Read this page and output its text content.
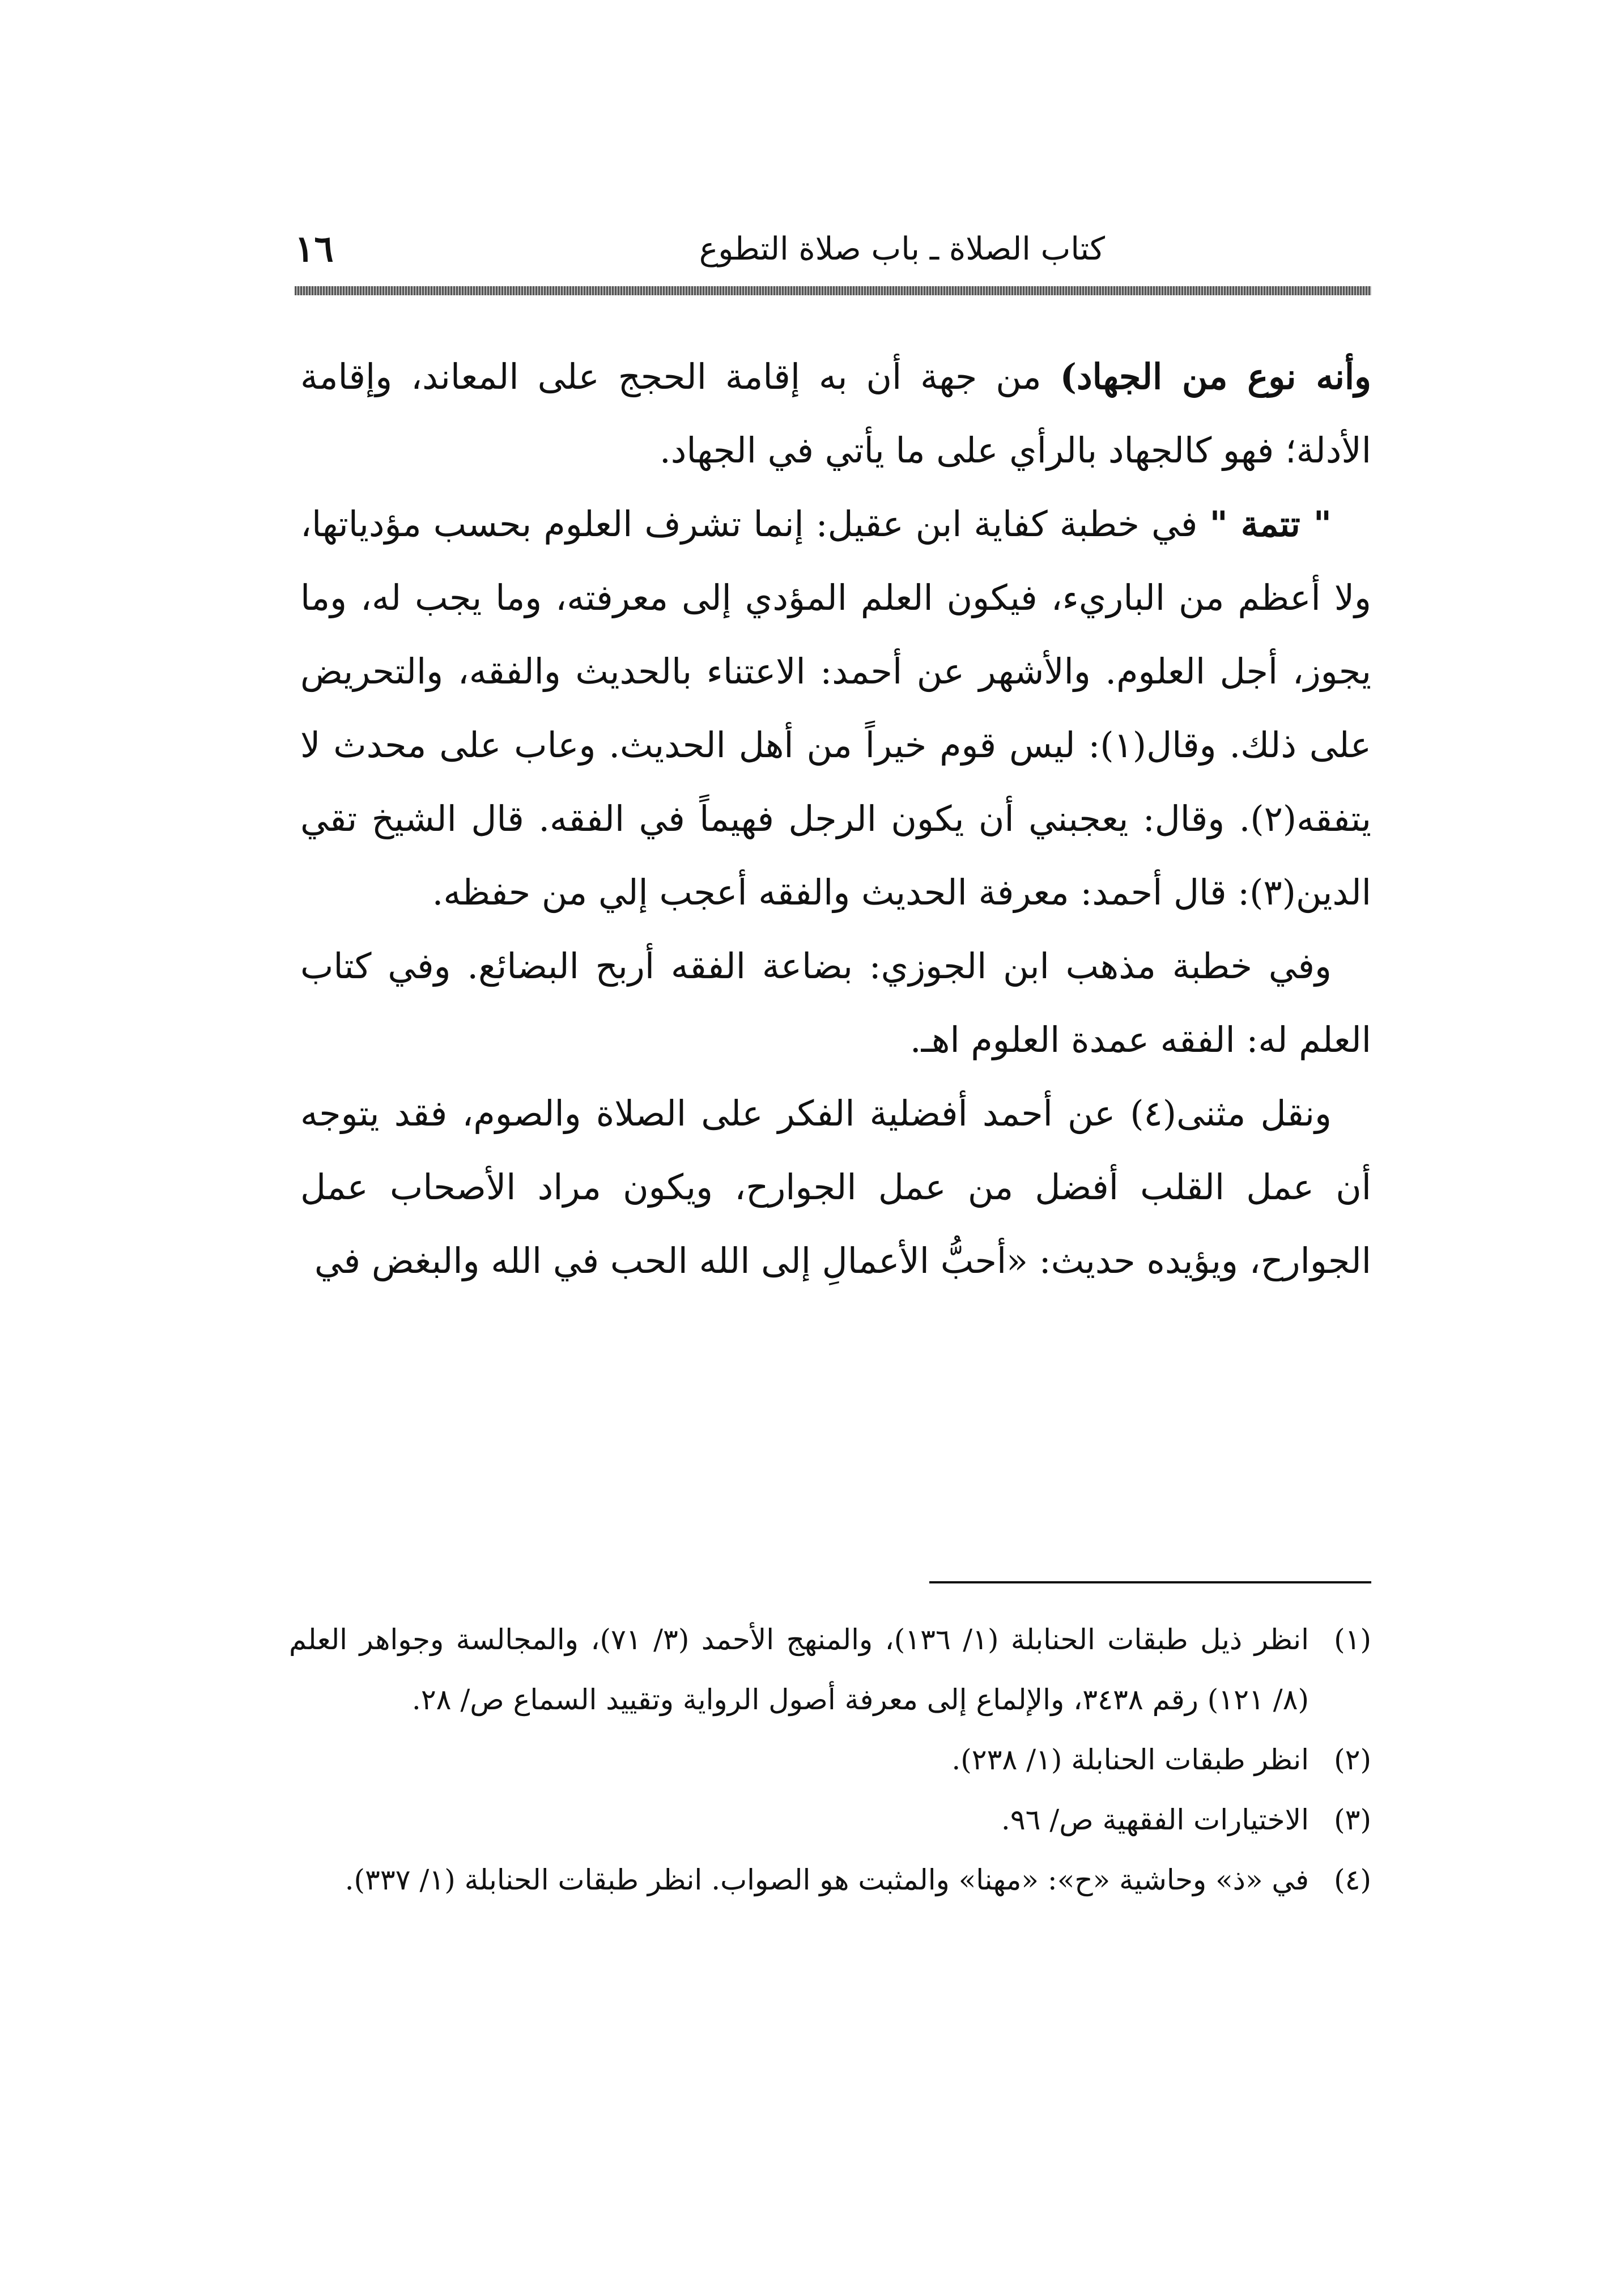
كتاب الصلاة ـ باب صلاة التطوع
١٦

وأنه نوع من الجهاد) من جهة أن به إقامة الحجج على المعاند، وإقامة الأدلة؛ فهو كالجهاد بالرأي على ما يأتي في الجهاد.

" تتمة " في خطبة كفاية ابن عقيل: إنما تشرف العلوم بحسب مؤدياتها، ولا أعظم من الباريء، فيكون العلم المؤدي إلى معرفته، وما يجب له، وما يجوز، أجل العلوم. والأشهر عن أحمد: الاعتناء بالحديث والفقه، والتحريض على ذلك. وقال(١): ليس قوم خيراً من أهل الحديث. وعاب على محدث لا يتفقه(٢). وقال: يعجبني أن يكون الرجل فهيماً في الفقه. قال الشيخ تقي الدين(٣): قال أحمد: معرفة الحديث والفقه أعجب إلي من حفظه.

وفي خطبة مذهب ابن الجوزي: بضاعة الفقه أربح البضائع. وفي كتاب العلم له: الفقه عمدة العلوم اهـ.

ونقل مثنى(٤) عن أحمد أفضلية الفكر على الصلاة والصوم، فقد يتوجه أن عمل القلب أفضل من عمل الجوارح، ويكون مراد الأصحاب عمل الجوارح، ويؤيده حديث: «أحبُّ الأعمالِ إلى الله الحب في الله والبغض في

(١)
انظر ذيل طبقات الحنابلة (١/ ١٣٦)، والمنهج الأحمد (٣/ ٧١)، والمجالسة وجواهر العلم (٨/ ١٢١) رقم ٣٤٣٨، والإلماع إلى معرفة أصول الرواية وتقييد السماع ص/ ٢٨.
(٢)
انظر طبقات الحنابلة (١/ ٢٣٨).
(٣)
الاختيارات الفقهية ص/ ٩٦.
(٤)
في «ذ» وحاشية «ح»: «مهنا» والمثبت هو الصواب. انظر طبقات الحنابلة (١/ ٣٣٧).
